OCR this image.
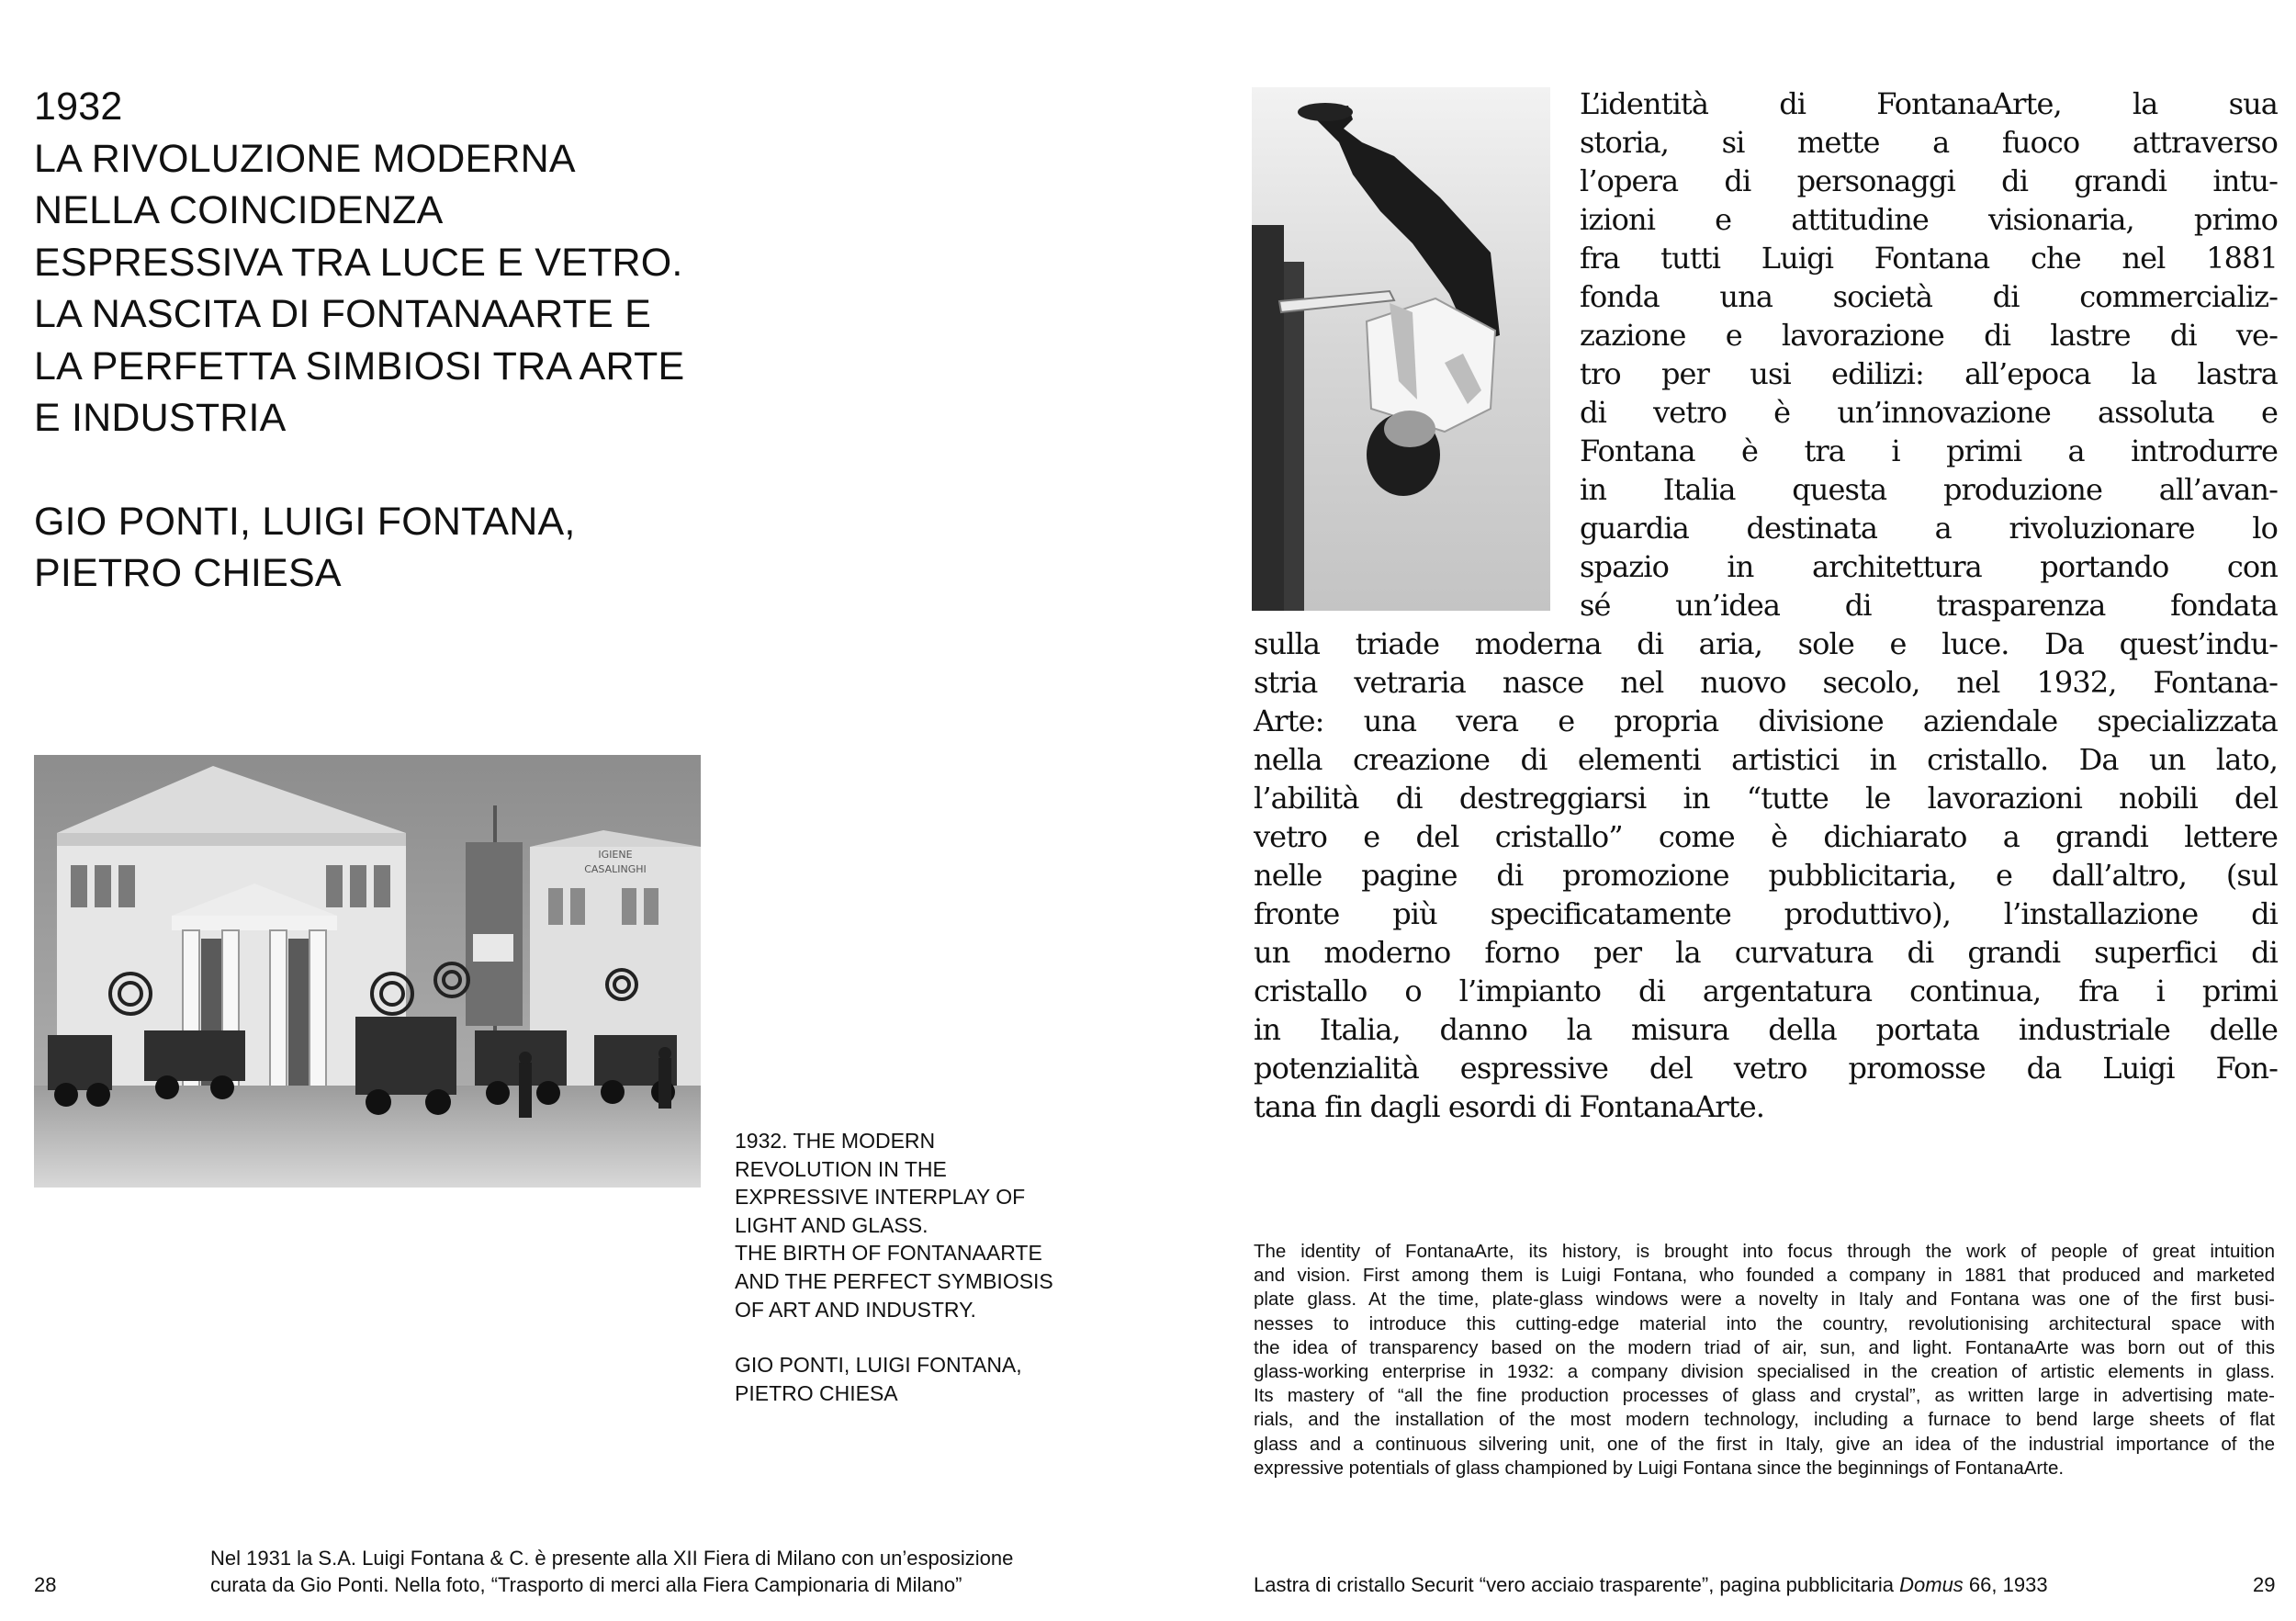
1932
LA RIVOLUZIONE MODERNA
NELLA COINCIDENZA
ESPRESSIVA TRA LUCE E VETRO.
LA NASCITA DI FONTANAARTE E
LA PERFETTA SIMBIOSI TRA ARTE
E INDUSTRIA
GIO PONTI, LUIGI FONTANA,
PIETRO CHIESA
IGIENE
CASALINGHI
1932. THE MODERN
REVOLUTION IN THE
EXPRESSIVE INTERPLAY OF
LIGHT AND GLASS.
THE BIRTH OF FONTANAARTE
AND THE PERFECT SYMBIOSIS
OF ART AND INDUSTRY.
GIO PONTI, LUIGI FONTANA,
PIETRO CHIESA
28
Nel 1931 la S.A. Luigi Fontana & C. è presente alla XII Fiera di Milano con un’esposizione
curata da Gio Ponti. Nella foto, “Trasporto di merci alla Fiera Campionaria di Milano”
L’identità di FontanaArte, la sua
storia, si mette a fuoco attraverso
l’opera di personaggi di grandi intu-
izioni e attitudine visionaria, primo
fra tutti Luigi Fontana che nel 1881
fonda una società di commercializ-
zazione e lavorazione di lastre di ve-
tro per usi edilizi: all’epoca la lastra
di vetro è un’innovazione assoluta e
Fontana è tra i primi a introdurre
in Italia questa produzione all’avan-
guardia destinata a rivoluzionare lo
spazio in architettura portando con
sé un’idea di trasparenza fondata
sulla triade moderna di aria, sole e luce. Da quest’indu-
stria vetraria nasce nel nuovo secolo, nel 1932, Fontana-
Arte: una vera e propria divisione aziendale specializzata
nella creazione di elementi artistici in cristallo. Da un lato,
l’abilità di destreggiarsi in “tutte le lavorazioni nobili del
vetro e del cristallo” come è dichiarato a grandi lettere
nelle pagine di promozione pubblicitaria, e dall’altro, (sul
fronte più specificatamente produttivo), l’installazione di
un moderno forno per la curvatura di grandi superfici di
cristallo o l’impianto di argentatura continua, fra i primi
in Italia, danno la misura della portata industriale delle
potenzialità espressive del vetro promosse da Luigi Fon-
tana fin dagli esordi di FontanaArte.
The identity of FontanaArte, its history, is brought into focus through the work of people of great intuition
and vision. First among them is Luigi Fontana, who founded a company in 1881 that produced and marketed
plate glass. At the time, plate-glass windows were a novelty in Italy and Fontana was one of the first busi-
nesses to introduce this cutting-edge material into the country, revolutionising architectural space with
the idea of transparency based on the modern triad of air, sun, and light. FontanaArte was born out of this
glass-working enterprise in 1932: a company division specialised in the creation of artistic elements in glass.
Its mastery of “all the fine production processes of glass and crystal”, as written large in advertising mate-
rials, and the installation of the most modern technology, including a furnace to bend large sheets of flat
glass and a continuous silvering unit, one of the first in Italy, give an idea of the industrial importance of the
expressive potentials of glass championed by Luigi Fontana since the beginnings of FontanaArte.
Lastra di cristallo Securit “vero acciaio trasparente”, pagina pubblicitaria Domus 66, 1933	29
